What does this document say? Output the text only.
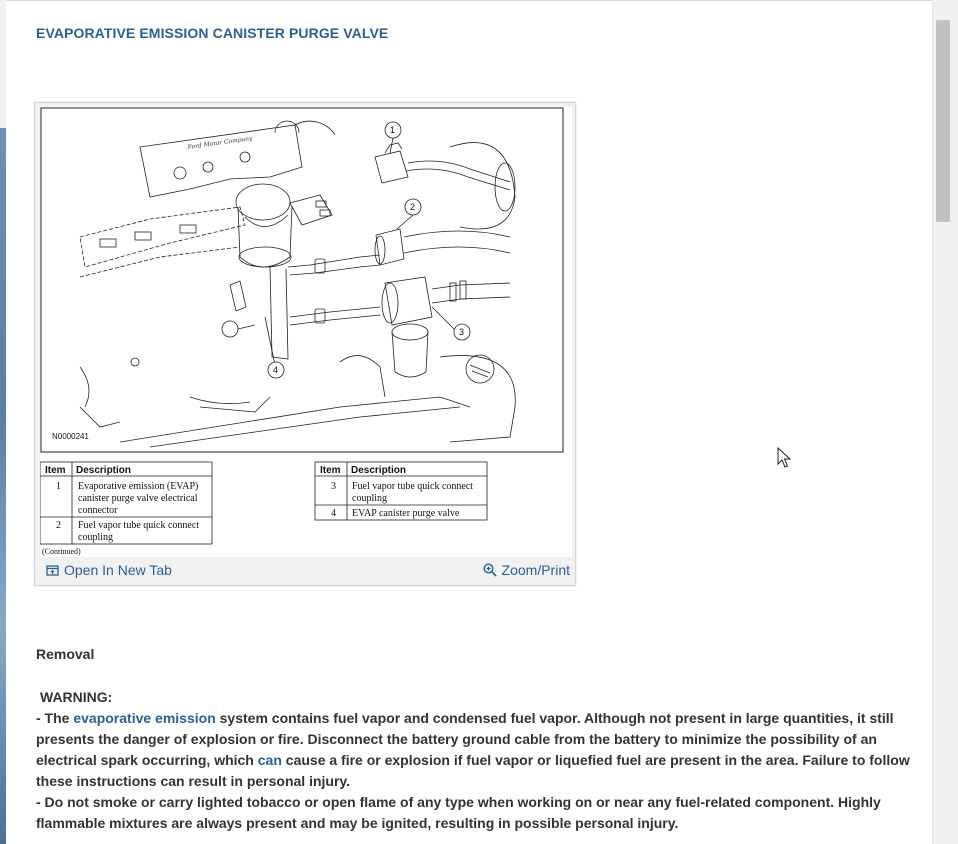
EVAPORATIVE EMISSION CANISTER PURGE VALVE
Ford Motor Company
1
2
3
4
N0000241
Item Description
1 Evaporative emission (EVAP)
canister purge valve electrical
connector
2 Fuel vapor tube quick connect
coupling
Item Description
3 Fuel vapor tube quick connect
coupling
4 EVAP canister purge valve
(Continued)
Open In New Tab	Zoom/Print
Removal
WARNING:
- The evaporative emission system contains fuel vapor and condensed fuel vapor. Although not present in large quantities, it still presents the danger of explosion or fire. Disconnect the battery ground cable from the battery to minimize the possibility of an electrical spark occurring, which can cause a fire or explosion if fuel vapor or liquefied fuel are present in the area. Failure to follow these instructions can result in personal injury.
- Do not smoke or carry lighted tobacco or open flame of any type when working on or near any fuel-related component. Highly flammable mixtures are always present and may be ignited, resulting in possible personal injury.
